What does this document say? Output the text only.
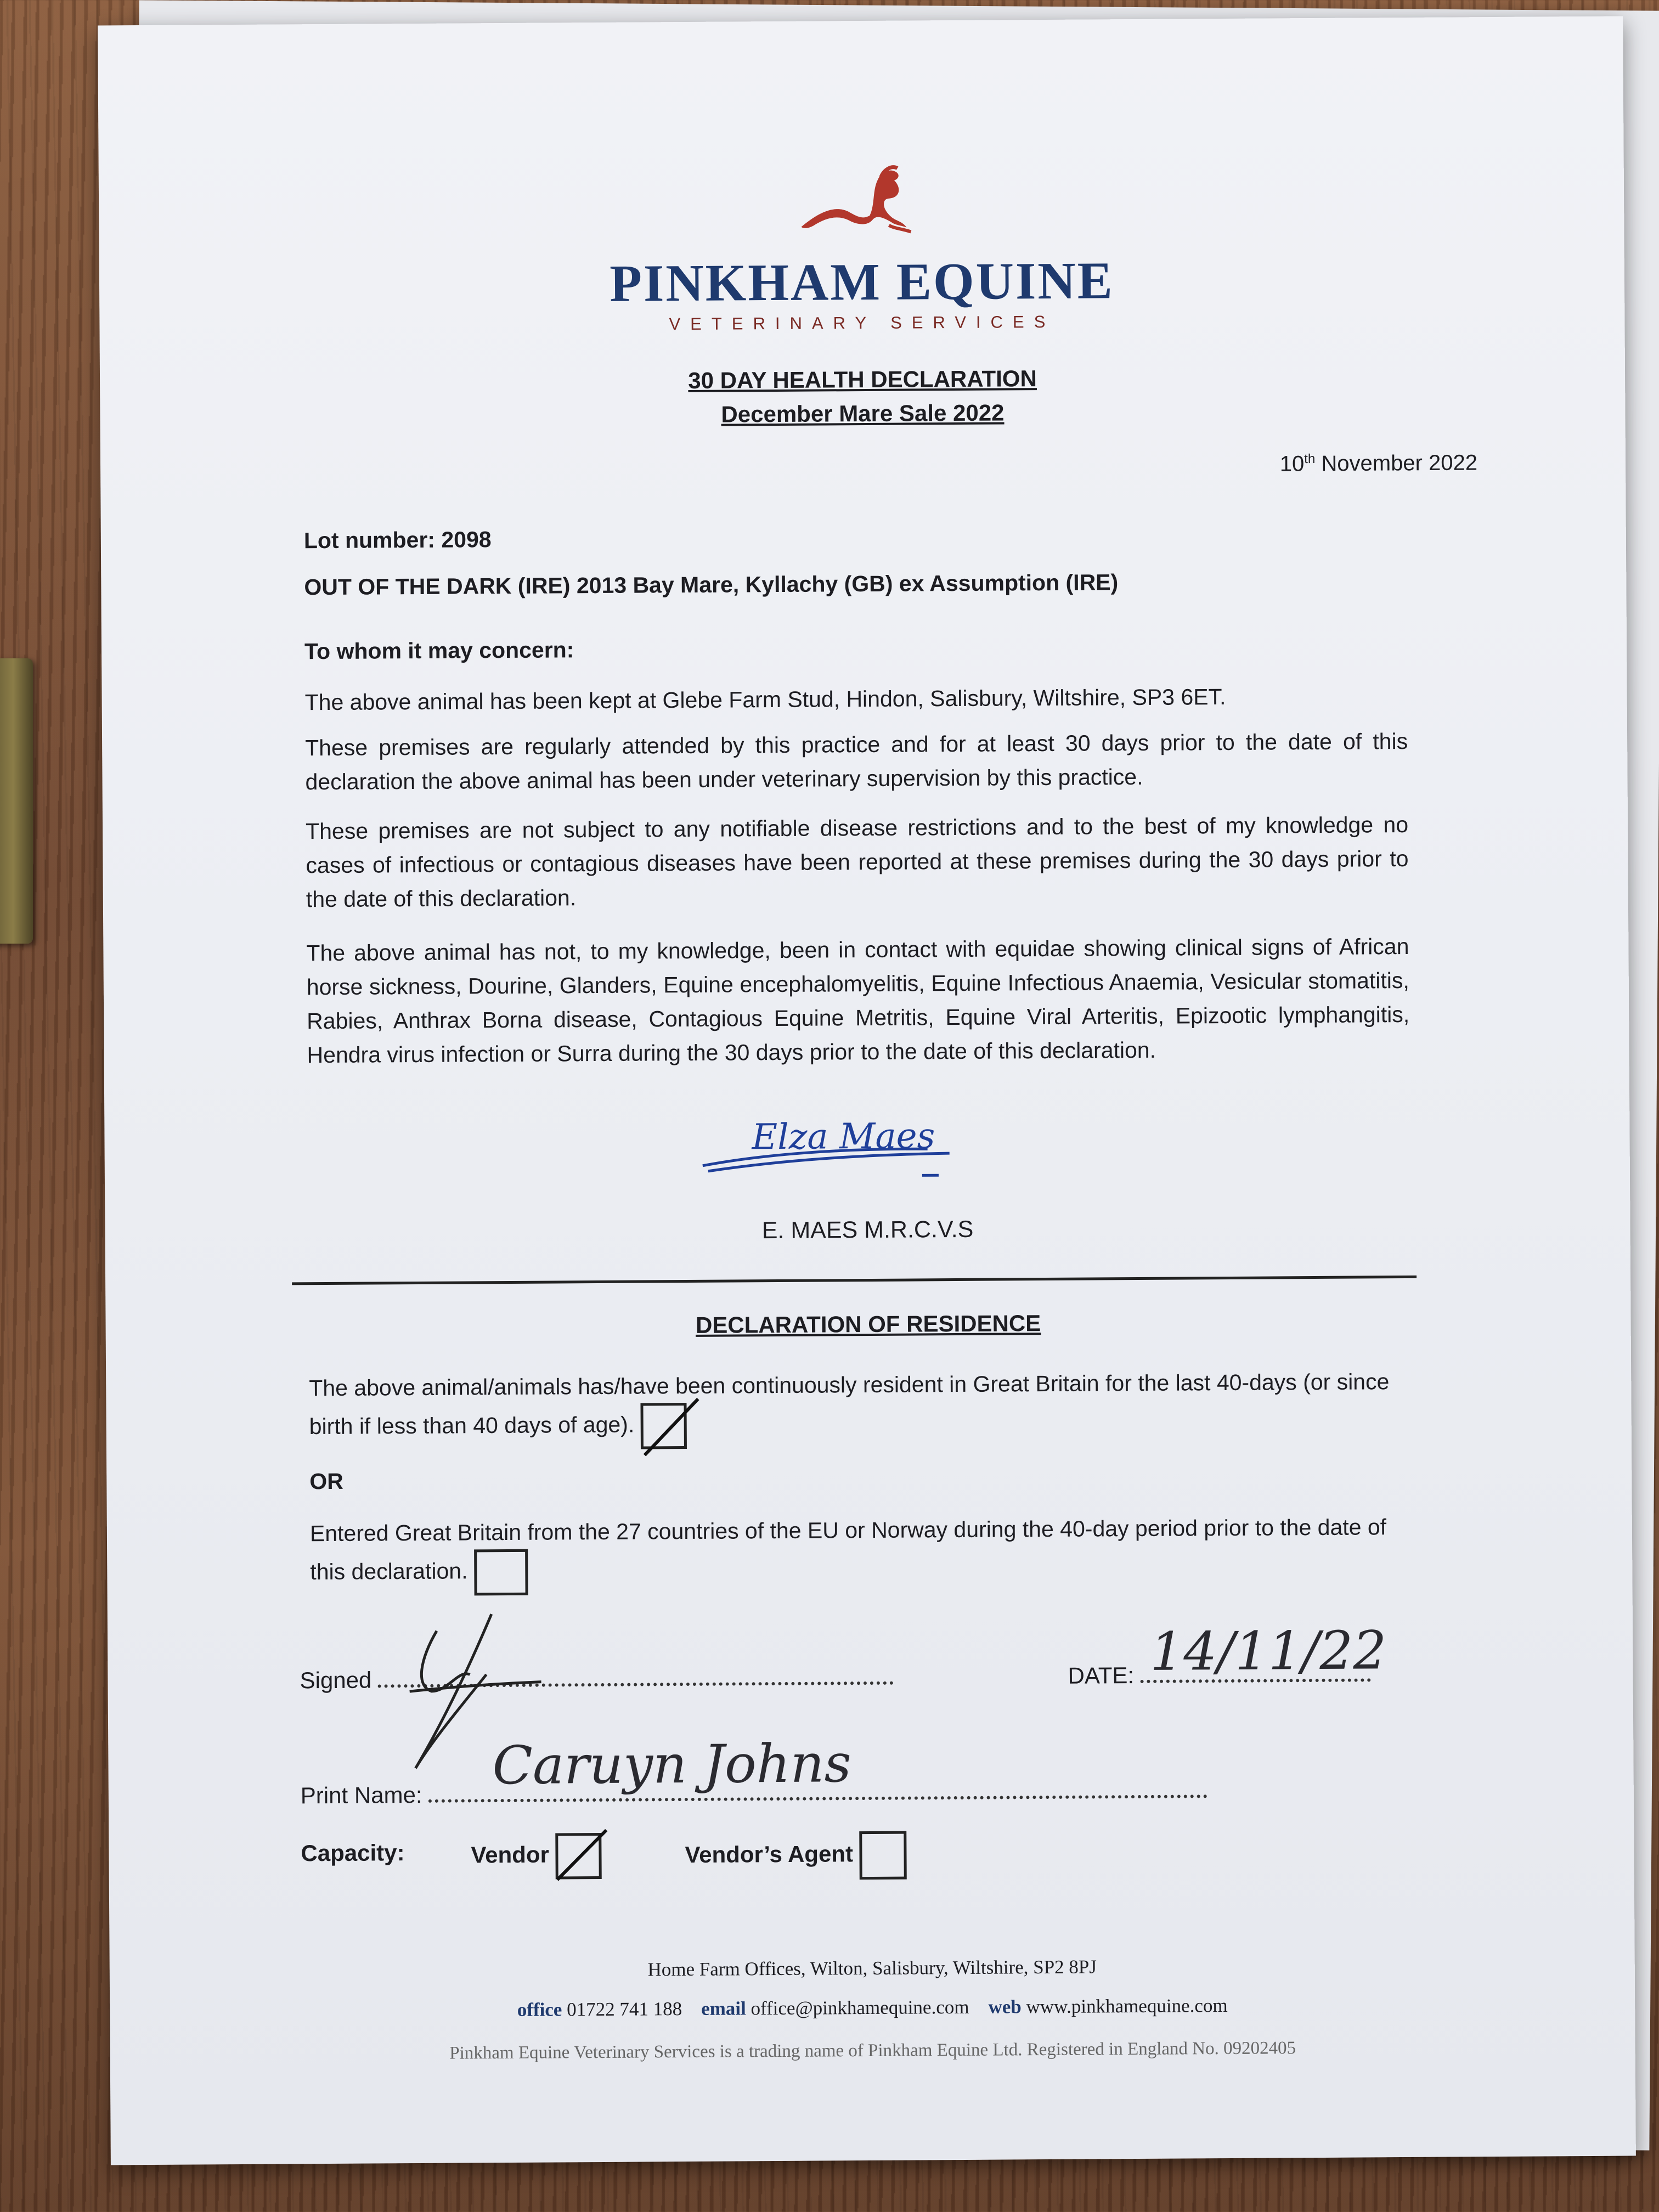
PINKHAM EQUINE
VETERINARY SERVICES
30 DAY HEALTH DECLARATION
December Mare Sale 2022
10th November 2022
Lot number: 2098
OUT OF THE DARK (IRE) 2013 Bay Mare, Kyllachy (GB) ex Assumption (IRE)
To whom it may concern:
The above animal has been kept at Glebe Farm Stud, Hindon, Salisbury, Wiltshire, SP3 6ET.
These premises are regularly attended by this practice and for at least 30 days prior to the date of this declaration the above animal has been under veterinary supervision by this practice.
These premises are not subject to any notifiable disease restrictions and to the best of my knowledge no cases of infectious or contagious diseases have been reported at these premises during the 30 days prior to the date of this declaration.
The above animal has not, to my knowledge, been in contact with equidae showing clinical signs of African horse sickness, Dourine, Glanders, Equine encephalomyelitis, Equine Infectious Anaemia, Vesicular stomatitis, Rabies, Anthrax Borna disease, Contagious Equine Metritis, Equine Viral Arteritis, Epizootic lymphangitis, Hendra virus infection or Surra during the 30 days prior to the date of this declaration.
Elza Maes
E. MAES M.R.C.V.S
DECLARATION OF RESIDENCE
The above animal/animals has/have been continuously resident in Great Britain for the last 40-days (or since birth if less than 40 days of age).
OR
Entered Great Britain from the 27 countries of the EU or Norway during the 40-day period prior to the date of this declaration.
Signed	DATE: 14/11/22
Print Name:	Caruyn Johns
Capacity:	Vendor	Vendor’s Agent
Home Farm Offices, Wilton, Salisbury, Wiltshire, SP2 8PJ
office 01722 741 188 email office@pinkhamequine.com web www.pinkhamequine.com
Pinkham Equine Veterinary Services is a trading name of Pinkham Equine Ltd. Registered in England No. 09202405
